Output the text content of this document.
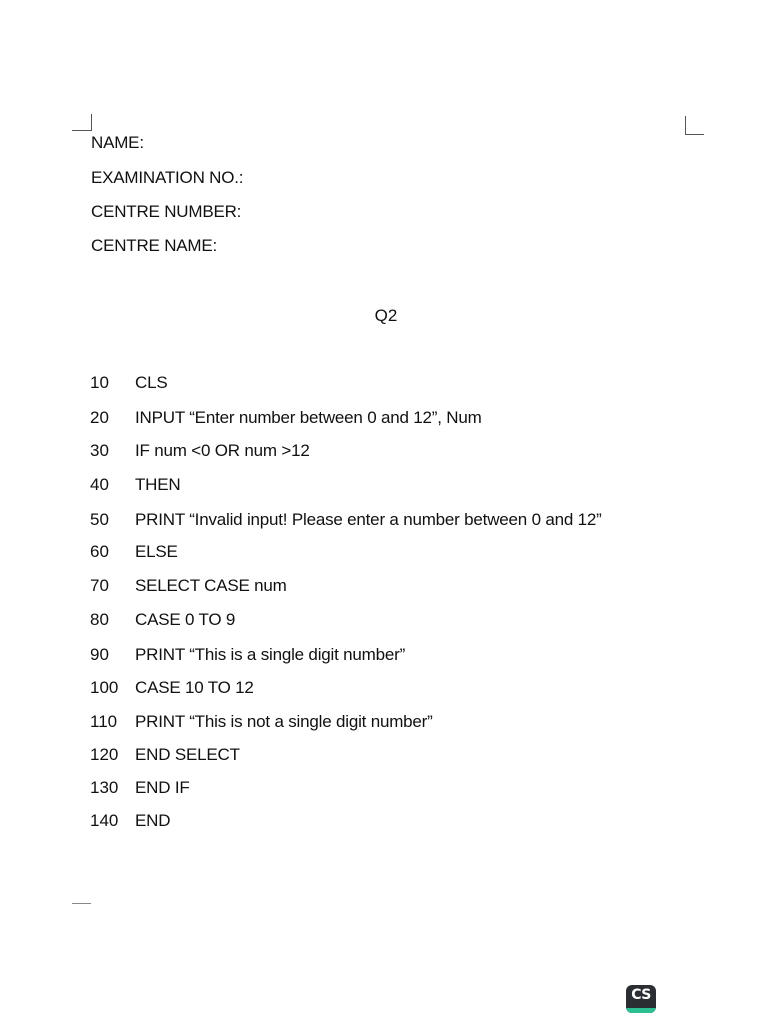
NAME:
EXAMINATION NO.:
CENTRE NUMBER:
CENTRE NAME:
Q2
10 CLS
20 INPUT “Enter number between 0 and 12”, Num
30 IF num <0 OR num >12
40 THEN
50 PRINT “Invalid input! Please enter a number between 0 and 12”
60 ELSE
70 SELECT CASE num
80 CASE 0 TO 9
90 PRINT “This is a single digit number”
100 CASE 10 TO 12
110 PRINT “This is not a single digit number”
120 END SELECT
130 END IF
140 END
CS
